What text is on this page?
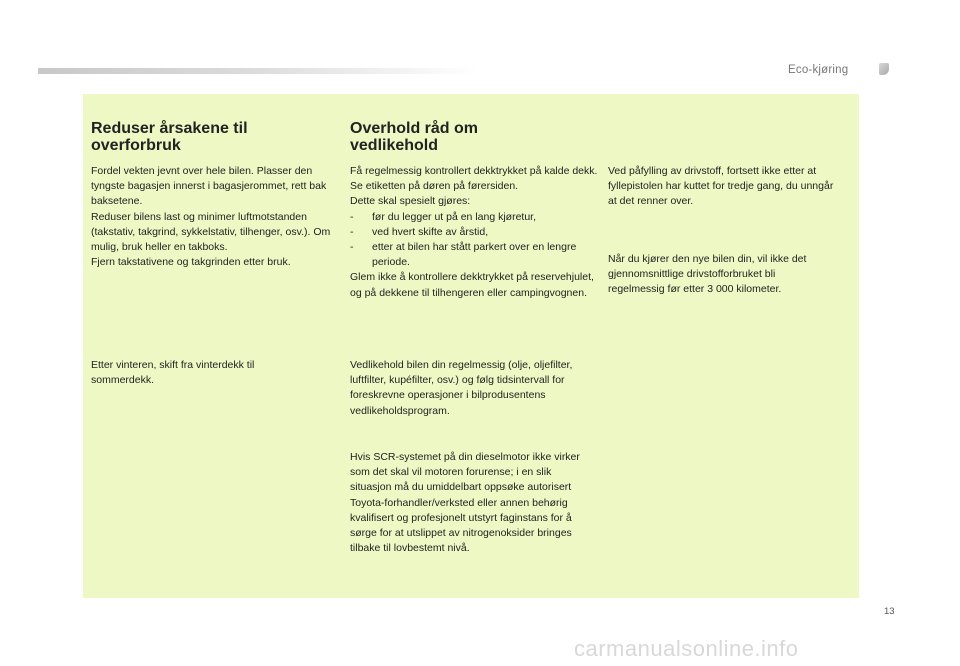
Eco-kjøring
Reduser årsakene til
overforbruk

Fordel vekten jevnt over hele bilen. Plasser den tyngste bagasjen innerst i bagasjerommet, rett bak baksetene.

Reduser bilens last og minimer luftmotstanden (takstativ, takgrind, sykkelstativ, tilhenger, osv.). Om mulig, bruk heller en takboks.

Fjern takstativene og takgrinden etter bruk.

Etter vinteren, skift fra vinterdekk til sommerdekk.

Overhold råd om
vedlikehold

Få regelmessig kontrollert dekktrykket på kalde dekk. Se etiketten på døren på førersiden.

Dette skal spesielt gjøres:

- før du legger ut på en lang kjøretur,
- ved hvert skifte av årstid,
- etter at bilen har stått parkert over en lengre periode.

Glem ikke å kontrollere dekktrykket på reservehjulet, og på dekkene til tilhengeren eller campingvognen.

Vedlikehold bilen din regelmessig (olje, oljefilter, luftfilter, kupéfilter, osv.) og følg tidsintervall for foreskrevne operasjoner i bilprodusentens vedlikeholdsprogram.

Hvis SCR-systemet på din dieselmotor ikke virker som det skal vil motoren forurense; i en slik situasjon må du umiddelbart oppsøke autorisert Toyota-forhandler/verksted eller annen behørig kvalifisert og profesjonelt utstyrt faginstans for å sørge for at utslippet av nitrogenoksider bringes tilbake til lovbestemt nivå.

Ved påfylling av drivstoff, fortsett ikke etter at fyllepistolen har kuttet for tredje gang, du unngår at det renner over.

Når du kjører den nye bilen din, vil ikke det gjennomsnittlige drivstofforbruket bli regelmessig før etter 3 000 kilometer.

13
carmanualsonline.info
